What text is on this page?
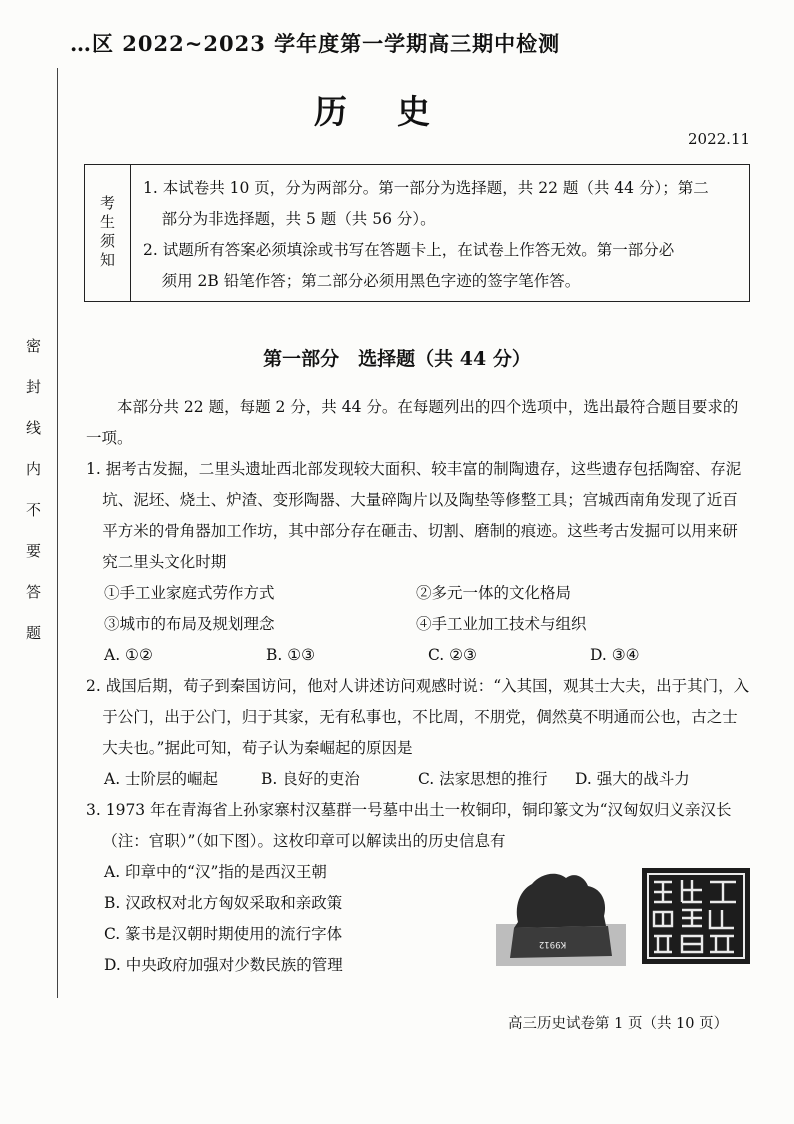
…区 2022~2023 学年度第一学期高三期中检测
历史
2022.11
密封线内不要答题
考生须知
1. 本试卷共 10 页，分为两部分。第一部分为选择题，共 22 题（共 44 分）；第二
部分为非选择题，共 5 题（共 56 分）。
2. 试题所有答案必须填涂或书写在答题卡上，在试卷上作答无效。第一部分必
须用 2B 铅笔作答；第二部分必须用黑色字迹的签字笔作答。
第一部分　选择题（共 44 分）
本部分共 22 题，每题 2 分，共 44 分。在每题列出的四个选项中，选出最符合题目要求的一项。
1. 据考古发掘，二里头遗址西北部发现较大面积、较丰富的制陶遗存，这些遗存包括陶窑、存泥坑、泥坯、烧土、炉渣、变形陶器、大量碎陶片以及陶垫等修整工具；宫城西南角发现了近百平方米的骨角器加工作坊，其中部分存在砸击、切割、磨制的痕迹。这些考古发掘可以用来研究二里头文化时期
①手工业家庭式劳作方式	②多元一体的文化格局
③城市的布局及规划理念	④手工业加工技术与组织
A. ①②	B. ①③	C. ②③	D. ③④
2. 战国后期，荀子到秦国访问，他对人讲述访问观感时说：“入其国，观其士大夫，出于其门，入于公门，出于公门，归于其家，无有私事也，不比周，不朋党，倜然莫不明通而公也，古之士大夫也。”据此可知，荀子认为秦崛起的原因是
A. 士阶层的崛起	B. 良好的吏治	C. 法家思想的推行	D. 强大的战斗力
3. 1973 年在青海省上孙家寨村汉墓群一号墓中出土一枚铜印，铜印篆文为“汉匈奴归义亲汉长（注：官职）”（如下图）。这枚印章可以解读出的历史信息有
A. 印章中的“汉”指的是西汉王朝
B. 汉政权对北方匈奴采取和亲政策
C. 篆书是汉朝时期使用的流行字体
D. 中央政府加强对少数民族的管理
K9912
高三历史试卷第 1 页（共 10 页）
